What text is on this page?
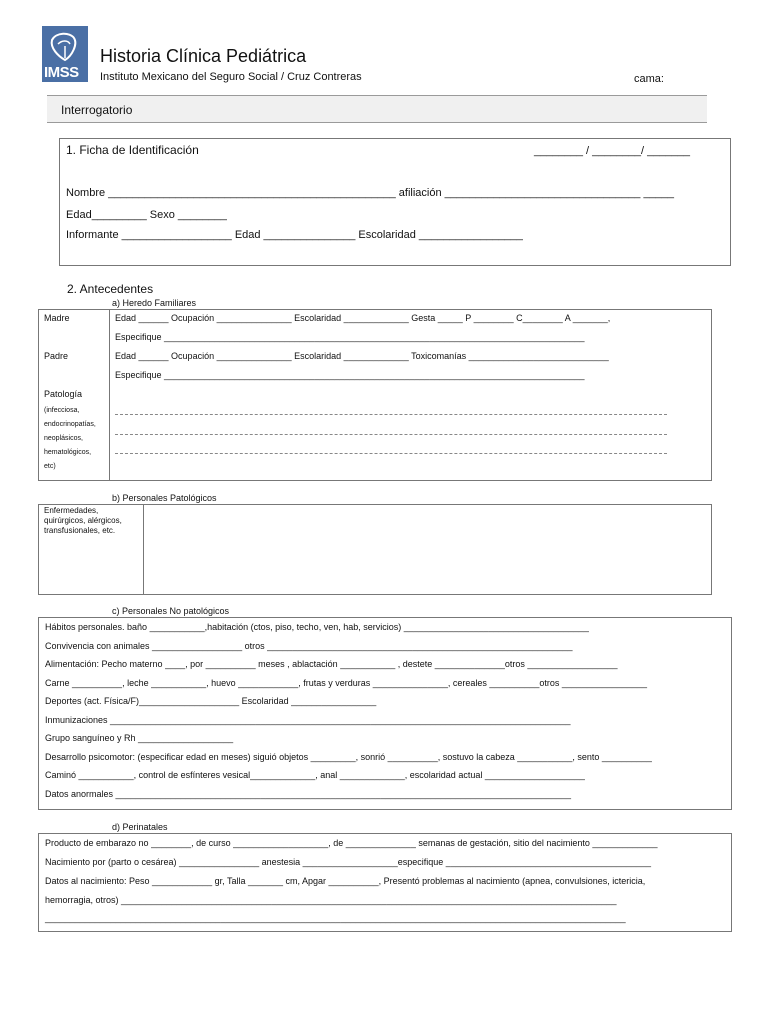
IMSS
Historia Clínica Pediátrica
Instituto Mexicano del Seguro Social / Cruz Contreras	cama:
Interrogatorio
1. Ficha de Identificación	________ / ________/ _______
Nombre _______________________________________________ afiliación ________________________________ _____
Edad_________ Sexo ________
Informante __________________ Edad _______________ Escolaridad _________________
2. Antecedentes
a) Heredo Familiares
Madre	Edad ______ Ocupación _______________ Escolaridad _____________ Gesta _____ P ________ C________ A _______,
Especifique ____________________________________________________________________________________
Padre	Edad ______ Ocupación _______________ Escolaridad _____________ Toxicomanías ____________________________
Especifique ____________________________________________________________________________________
Patología
(infecciosa,
endocrinopatías,
neoplásicos,
hematológicos,
etc)
b) Personales Patológicos
Enfermedades,
quirúrgicos, alérgicos,
transfusionales, etc.
c) Personales No patológicos
Hábitos personales. baño ___________,habitación (ctos, piso, techo, ven, hab, servicios) _____________________________________
Convivencia con animales __________________ otros _____________________________________________________________
Alimentación: Pecho materno ____, por __________ meses , ablactación ___________ , destete ______________otros __________________
Carne __________, leche ___________, huevo ____________, frutas y verduras _______________, cereales __________otros _________________
Deportes (act. Física/F)____________________ Escolaridad _________________
Inmunizaciones ____________________________________________________________________________________________
Grupo sanguíneo y Rh ___________________
Desarrollo psicomotor: (especificar edad en meses) siguió objetos _________, sonrió __________, sostuvo la cabeza ___________, sento __________
Caminó ___________, control de esfínteres vesical_____________, anal _____________, escolaridad actual ____________________
Datos anormales ___________________________________________________________________________________________
d) Perinatales
Producto de embarazo no ________, de curso ___________________, de ______________ semanas de gestación, sitio del nacimiento _____________
Nacimiento por (parto o cesárea) ________________ anestesia ___________________especifique _________________________________________
Datos al nacimiento: Peso ____________ gr, Talla _______ cm, Apgar __________, Presentó problemas al nacimiento (apnea, convulsiones, ictericia,
hemorragia, otros) ___________________________________________________________________________________________________
____________________________________________________________________________________________________________________
